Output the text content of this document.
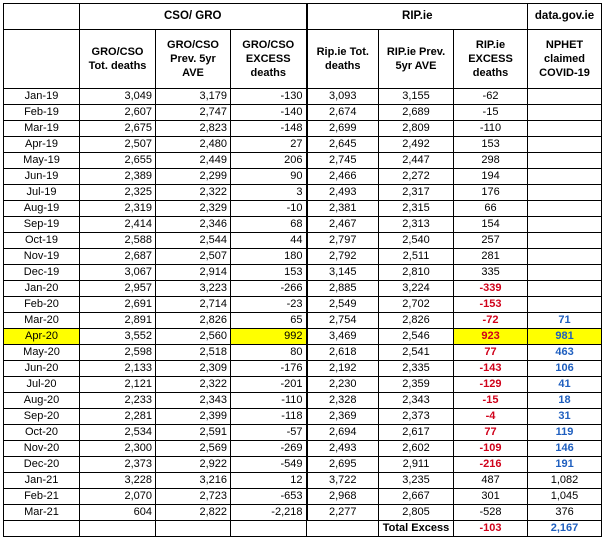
	CSO/ GRO			RIP.ie			data.gov.ie
	GRO/CSO Tot. deaths	GRO/CSO Prev. 5yr AVE	GRO/CSO EXCESS deaths	Rip.ie Tot. deaths	RIP.ie Prev. 5yr AVE	RIP.ie EXCESS deaths	NPHET claimed COVID-19
Jan-19	3,049	3,179	-130	3,093	3,155	-62	
Feb-19	2,607	2,747	-140	2,674	2,689	-15	
Mar-19	2,675	2,823	-148	2,699	2,809	-110	
Apr-19	2,507	2,480	27	2,645	2,492	153	
May-19	2,655	2,449	206	2,745	2,447	298	
Jun-19	2,389	2,299	90	2,466	2,272	194	
Jul-19	2,325	2,322	3	2,493	2,317	176	
Aug-19	2,319	2,329	-10	2,381	2,315	66	
Sep-19	2,414	2,346	68	2,467	2,313	154	
Oct-19	2,588	2,544	44	2,797	2,540	257	
Nov-19	2,687	2,507	180	2,792	2,511	281	
Dec-19	3,067	2,914	153	3,145	2,810	335	
Jan-20	2,957	3,223	-266	2,885	3,224	-339	
Feb-20	2,691	2,714	-23	2,549	2,702	-153	
Mar-20	2,891	2,826	65	2,754	2,826	-72	71
Apr-20	3,552	2,560	992	3,469	2,546	923	981
May-20	2,598	2,518	80	2,618	2,541	77	463
Jun-20	2,133	2,309	-176	2,192	2,335	-143	106
Jul-20	2,121	2,322	-201	2,230	2,359	-129	41
Aug-20	2,233	2,343	-110	2,328	2,343	-15	18
Sep-20	2,281	2,399	-118	2,369	2,373	-4	31
Oct-20	2,534	2,591	-57	2,694	2,617	77	119
Nov-20	2,300	2,569	-269	2,493	2,602	-109	146
Dec-20	2,373	2,922	-549	2,695	2,911	-216	191
Jan-21	3,228	3,216	12	3,722	3,235	487	1,082
Feb-21	2,070	2,723	-653	2,968	2,667	301	1,045
Mar-21	604	2,822	-2,218	2,277	2,805	-528	376
					Total Excess	-103	2,167
